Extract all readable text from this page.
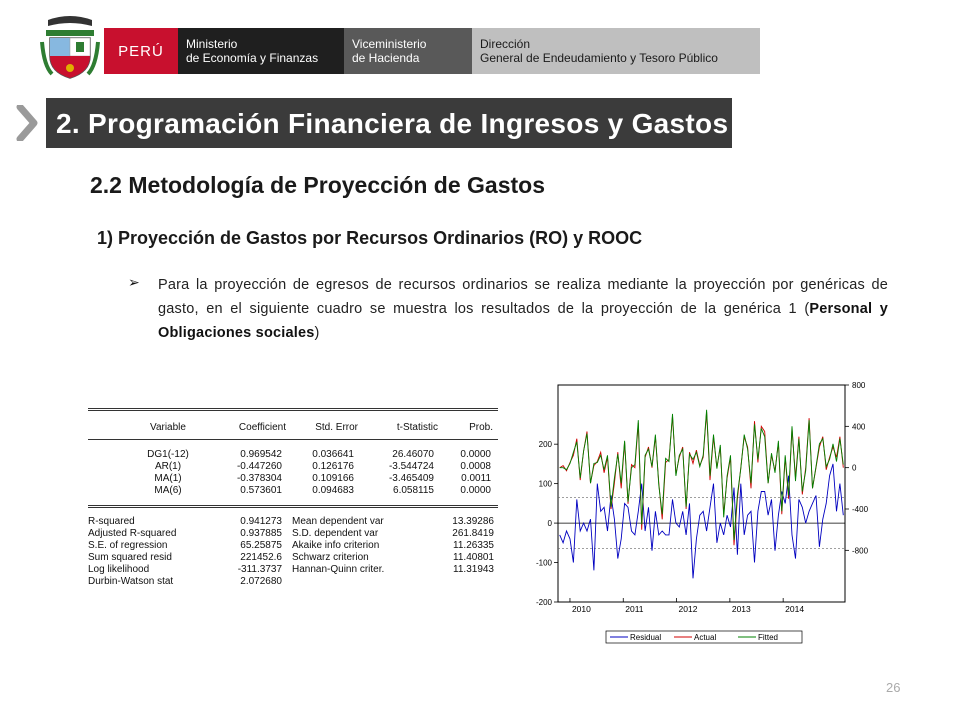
PERÚ Ministerio
de Economía y Finanzas
Viceministerio
de Hacienda
Dirección
General de Endeudamiento y Tesoro Público
2. Programación Financiera de Ingresos y Gastos
2.2 Metodología de Proyección de Gastos
1) Proyección de Gastos por Recursos Ordinarios (RO) y ROOC
➢ Para la proyección de egresos de recursos ordinarios se realiza mediante la proyección por genéricas de gasto, en el siguiente cuadro se muestra los resultados de la proyección de la genérica 1 (Personal y Obligaciones sociales)
Variable	Coefficient	Std. Error	t-Statistic	Prob.
DG1(-12)	0.969542	0.036641	26.46070	0.0000
AR(1)	-0.447260	0.126176	-3.544724	0.0008
MA(1)	-0.378304	0.109166	-3.465409	0.0011
MA(6)	0.573601	0.094683	6.058115	0.0000
R-squared	0.941273 Mean dependent var	13.39286
Adjusted R-squared	0.937885 S.D. dependent var	261.8419
S.E. of regression	65.25875 Akaike info criterion	11.26335
Sum squared resid	221452.6 Schwarz criterion	11.40801
Log likelihood	-311.3737 Hannan-Quinn criter.	11.31943
Durbin-Watson stat	2.072680
800
400
0
-400
-800
200
100
0
-100
-200
2010	2011	2012	2013	2014
Residual	Actual	Fitted
26
